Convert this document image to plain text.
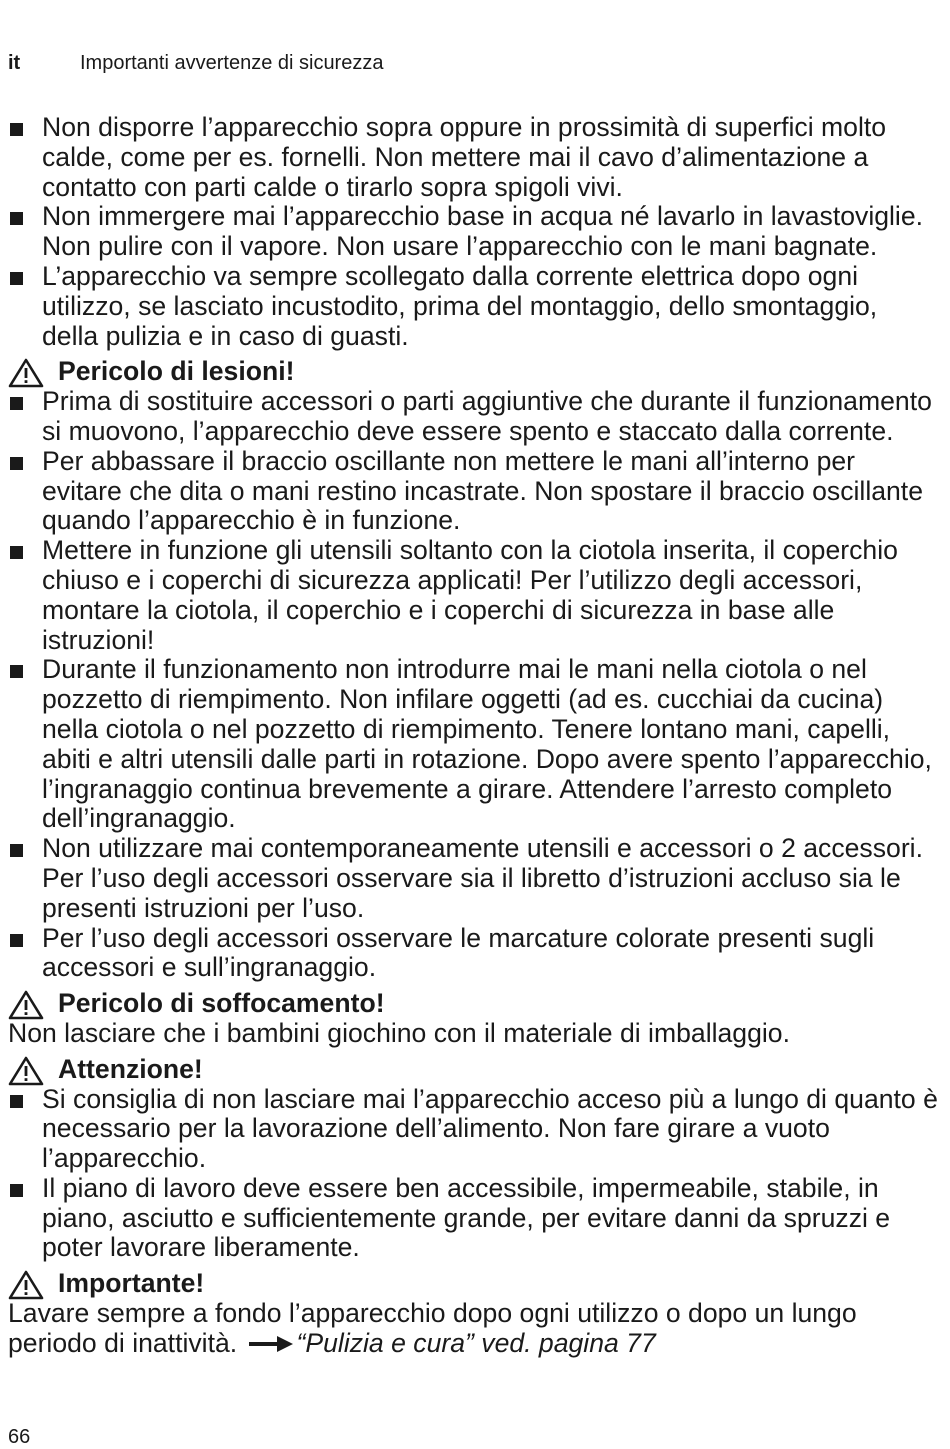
it	Importanti avvertenze di sicurezza
Non disporre l’apparecchio sopra oppure in prossimità di superfici molto calde, come per es. fornelli. Non mettere mai il cavo d’alimentazione a contatto con parti calde o tirarlo sopra spigoli vivi.
Non immergere mai l’apparecchio base in acqua né lavarlo in lavastoviglie. Non pulire con il vapore. Non usare l’apparecchio con le mani bagnate.
L’apparecchio va sempre scollegato dalla corrente elettrica dopo ogni utilizzo, se lasciato incustodito, prima del montaggio, dello smontaggio, della pulizia e in caso di guasti.
Pericolo di lesioni!
Prima di sostituire accessori o parti aggiuntive che durante il funzionamento si muovono, l’apparecchio deve essere spento e staccato dalla corrente.
Per abbassare il braccio oscillante non mettere le mani all’interno per evitare che dita o mani restino incastrate. Non spostare il braccio oscillante quando l’apparecchio è in funzione.
Mettere in funzione gli utensili soltanto con la ciotola inserita, il coperchio chiuso e i coperchi di sicurezza applicati! Per l’utilizzo degli accessori, montare la ciotola, il coperchio e i coperchi di sicurezza in base alle istruzioni!
Durante il funzionamento non introdurre mai le mani nella ciotola o nel pozzetto di riempimento. Non infilare oggetti (ad es. cucchiai da cucina) nella ciotola o nel pozzetto di riempimento. Tenere lontano mani, capelli, abiti e altri utensili dalle parti in rotazione. Dopo avere spento l’apparecchio, l’ingranaggio continua brevemente a girare. Attendere l’arresto completo dell’ingranaggio.
Non utilizzare mai contemporaneamente utensili e accessori o 2 accessori. Per l’uso degli accessori osservare sia il libretto d’istruzioni accluso sia le presenti istruzioni per l’uso.
Per l’uso degli accessori osservare le marcature colorate presenti sugli accessori e sull’ingranaggio.
Pericolo di soffocamento!
Non lasciare che i bambini giochino con il materiale di imballaggio.
Attenzione!
Si consiglia di non lasciare mai l’apparecchio acceso più a lungo di quanto è necessario per la lavorazione dell’alimento. Non fare girare a vuoto l’apparecchio.
Il piano di lavoro deve essere ben accessibile, impermeabile, stabile, in piano, asciutto e sufficientemente grande, per evitare danni da spruzzi e poter lavorare liberamente.
Importante!
Lavare sempre a fondo l’apparecchio dopo ogni utilizzo o dopo un lungo periodo di inattività. “Pulizia e cura” ved. pagina 77
66
